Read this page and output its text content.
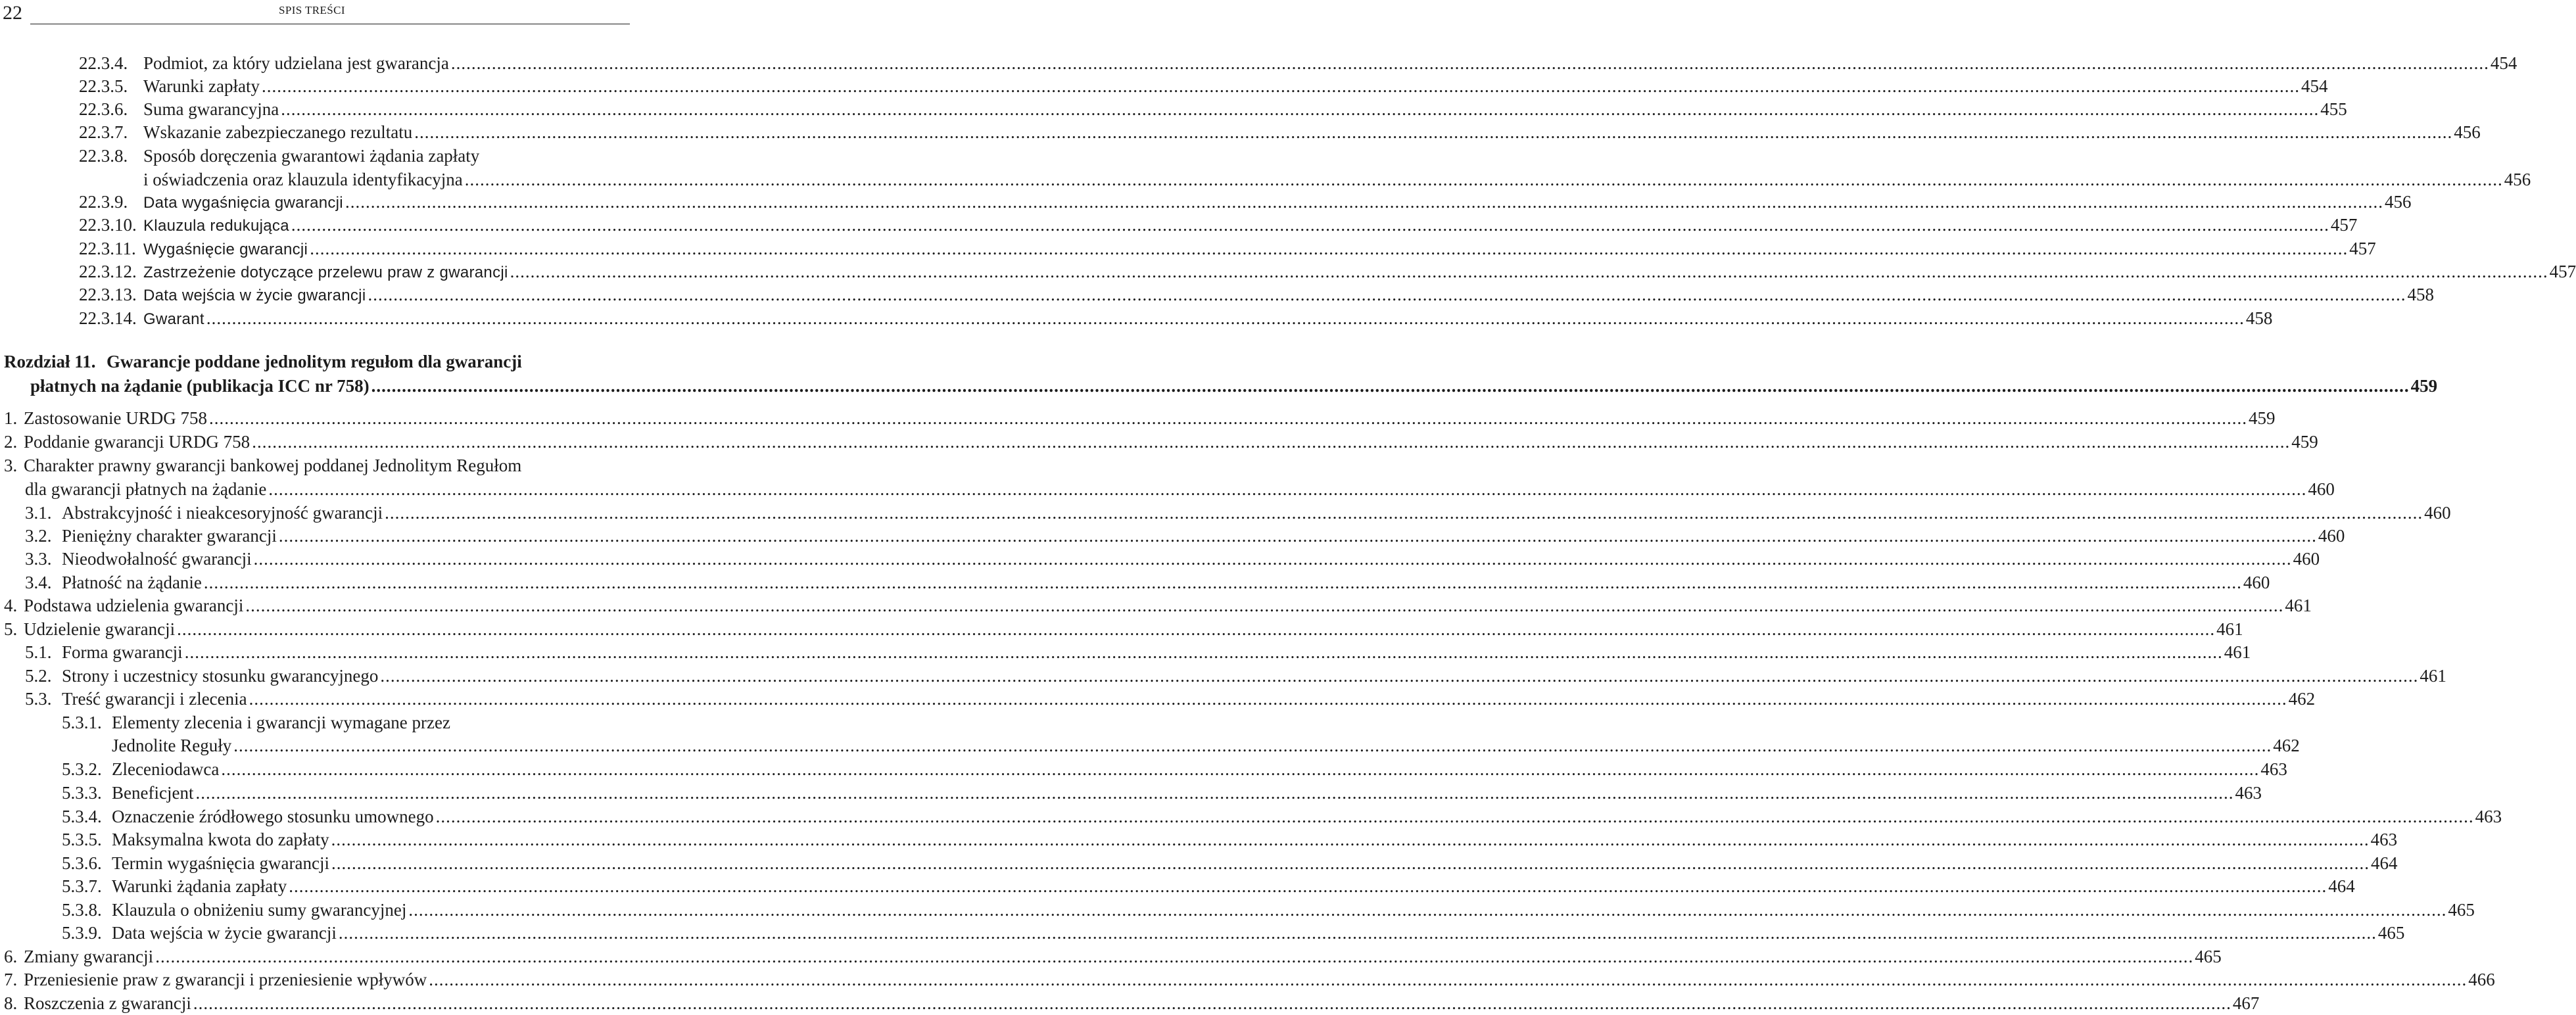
22	SPIS TREŚCI
22.3.4. Podmiot, za który udzielana jest gwarancja ................................................................................................................................................................................................................................................................................................................................................................................................................ 454
22.3.5. Warunki zapłaty ................................................................................................................................................................................................................................................................................................................................................................................................................ 454
22.3.6. Suma gwarancyjna ................................................................................................................................................................................................................................................................................................................................................................................................................ 455
22.3.7. Wskazanie zabezpieczanego rezultatu ................................................................................................................................................................................................................................................................................................................................................................................................................ 456
22.3.8. Sposób doręczenia gwarantowi żądania zapłaty
i oświadczenia oraz klauzula identyfikacyjna ................................................................................................................................................................................................................................................................................................................................................................................................................ 456
22.3.9. Data wygaśnięcia gwarancji ................................................................................................................................................................................................................................................................................................................................................................................................................ 456
22.3.10. Klauzula redukująca ................................................................................................................................................................................................................................................................................................................................................................................................................ 457
22.3.11. Wygaśnięcie gwarancji ................................................................................................................................................................................................................................................................................................................................................................................................................ 457
22.3.12. Zastrzeżenie dotyczące przelewu praw z gwarancji ................................................................................................................................................................................................................................................................................................................................................................................................................ 457
22.3.13. Data wejścia w życie gwarancji ................................................................................................................................................................................................................................................................................................................................................................................................................ 458
22.3.14. Gwarant ................................................................................................................................................................................................................................................................................................................................................................................................................ 458
Rozdział 11. Gwarancje poddane jednolitym regułom dla gwarancji
płatnych na żądanie (publikacja ICC nr 758) ................................................................................................................................................................................................................................................................................................................................................................................................................ 459
1. Zastosowanie URDG 758 ................................................................................................................................................................................................................................................................................................................................................................................................................ 459
2. Poddanie gwarancji URDG 758 ................................................................................................................................................................................................................................................................................................................................................................................................................ 459
3. Charakter prawny gwarancji bankowej poddanej Jednolitym Regułom
dla gwarancji płatnych na żądanie ................................................................................................................................................................................................................................................................................................................................................................................................................ 460
3.1. Abstrakcyjność i nieakcesoryjność gwarancji ................................................................................................................................................................................................................................................................................................................................................................................................................ 460
3.2. Pieniężny charakter gwarancji ................................................................................................................................................................................................................................................................................................................................................................................................................ 460
3.3. Nieodwołalność gwarancji ................................................................................................................................................................................................................................................................................................................................................................................................................ 460
3.4. Płatność na żądanie ................................................................................................................................................................................................................................................................................................................................................................................................................ 460
4. Podstawa udzielenia gwarancji ................................................................................................................................................................................................................................................................................................................................................................................................................ 461
5. Udzielenie gwarancji ................................................................................................................................................................................................................................................................................................................................................................................................................ 461
5.1. Forma gwarancji ................................................................................................................................................................................................................................................................................................................................................................................................................ 461
5.2. Strony i uczestnicy stosunku gwarancyjnego ................................................................................................................................................................................................................................................................................................................................................................................................................ 461
5.3. Treść gwarancji i zlecenia ................................................................................................................................................................................................................................................................................................................................................................................................................ 462
5.3.1. Elementy zlecenia i gwarancji wymagane przez
Jednolite Reguły ................................................................................................................................................................................................................................................................................................................................................................................................................ 462
5.3.2. Zleceniodawca ................................................................................................................................................................................................................................................................................................................................................................................................................ 463
5.3.3. Beneficjent ................................................................................................................................................................................................................................................................................................................................................................................................................ 463
5.3.4. Oznaczenie źródłowego stosunku umownego ................................................................................................................................................................................................................................................................................................................................................................................................................ 463
5.3.5. Maksymalna kwota do zapłaty ................................................................................................................................................................................................................................................................................................................................................................................................................ 463
5.3.6. Termin wygaśnięcia gwarancji ................................................................................................................................................................................................................................................................................................................................................................................................................ 464
5.3.7. Warunki żądania zapłaty ................................................................................................................................................................................................................................................................................................................................................................................................................ 464
5.3.8. Klauzula o obniżeniu sumy gwarancyjnej ................................................................................................................................................................................................................................................................................................................................................................................................................ 465
5.3.9. Data wejścia w życie gwarancji ................................................................................................................................................................................................................................................................................................................................................................................................................ 465
6. Zmiany gwarancji ................................................................................................................................................................................................................................................................................................................................................................................................................ 465
7. Przeniesienie praw z gwarancji i przeniesienie wpływów ................................................................................................................................................................................................................................................................................................................................................................................................................ 466
8. Roszczenia z gwarancji ................................................................................................................................................................................................................................................................................................................................................................................................................ 467
